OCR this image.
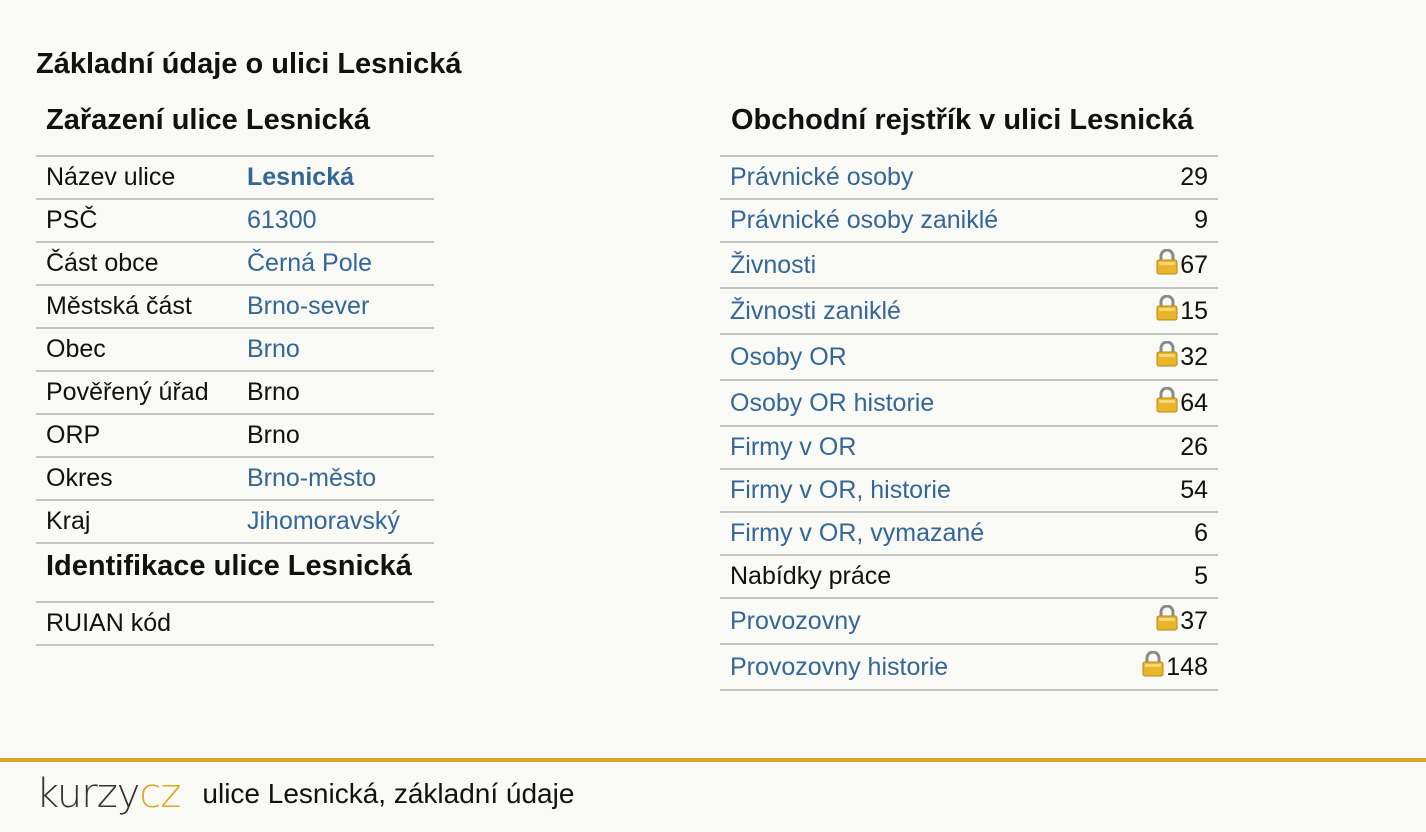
Základní údaje o ulici Lesnická
Zařazení ulice Lesnická
Název ulice	Lesnická
PSČ	61300
Část obce	Černá Pole
Městská část	Brno-sever
Obec	Brno
Pověřený úřad	Brno
ORP	Brno
Okres	Brno-město
Kraj	Jihomoravský
Identifikace ulice Lesnická
RUIAN kód	
Obchodní rejstřík v ulici Lesnická
Právnické osoby	29
Právnické osoby zaniklé	9
Živnosti	67
Živnosti zaniklé	15
Osoby OR	32
Osoby OR historie	64
Firmy v OR	26
Firmy v OR, historie	54
Firmy v OR, vymazané	6
Nabídky práce	5
Provozovny	37
Provozovny historie	148
kurzycz ulice Lesnická, základní údaje
